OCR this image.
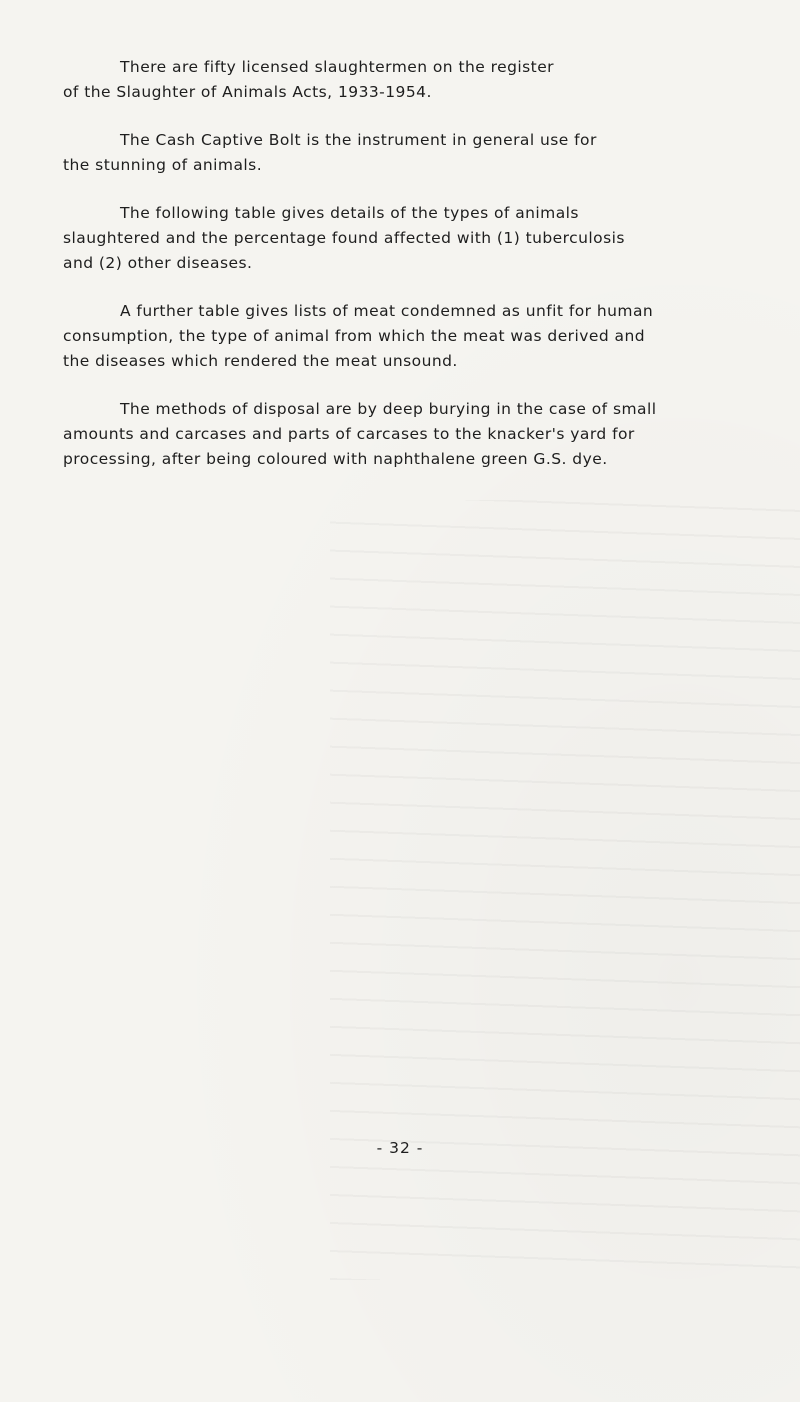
There are fifty licensed slaughtermen on the register
of the Slaughter of Animals Acts, 1933-1954.

The Cash Captive Bolt is the instrument in general use for
the stunning of animals.

The following table gives details of the types of animals
slaughtered and the percentage found affected with (1) tuberculosis
and (2) other diseases.

A further table gives lists of meat condemned as unfit for human
consumption, the type of animal from which the meat was derived and
the diseases which rendered the meat unsound.

The methods of disposal are by deep burying in the case of small
amounts and carcases and parts of carcases to the knacker's yard for
processing, after being coloured with naphthalene green G.S. dye.

- 32 -
